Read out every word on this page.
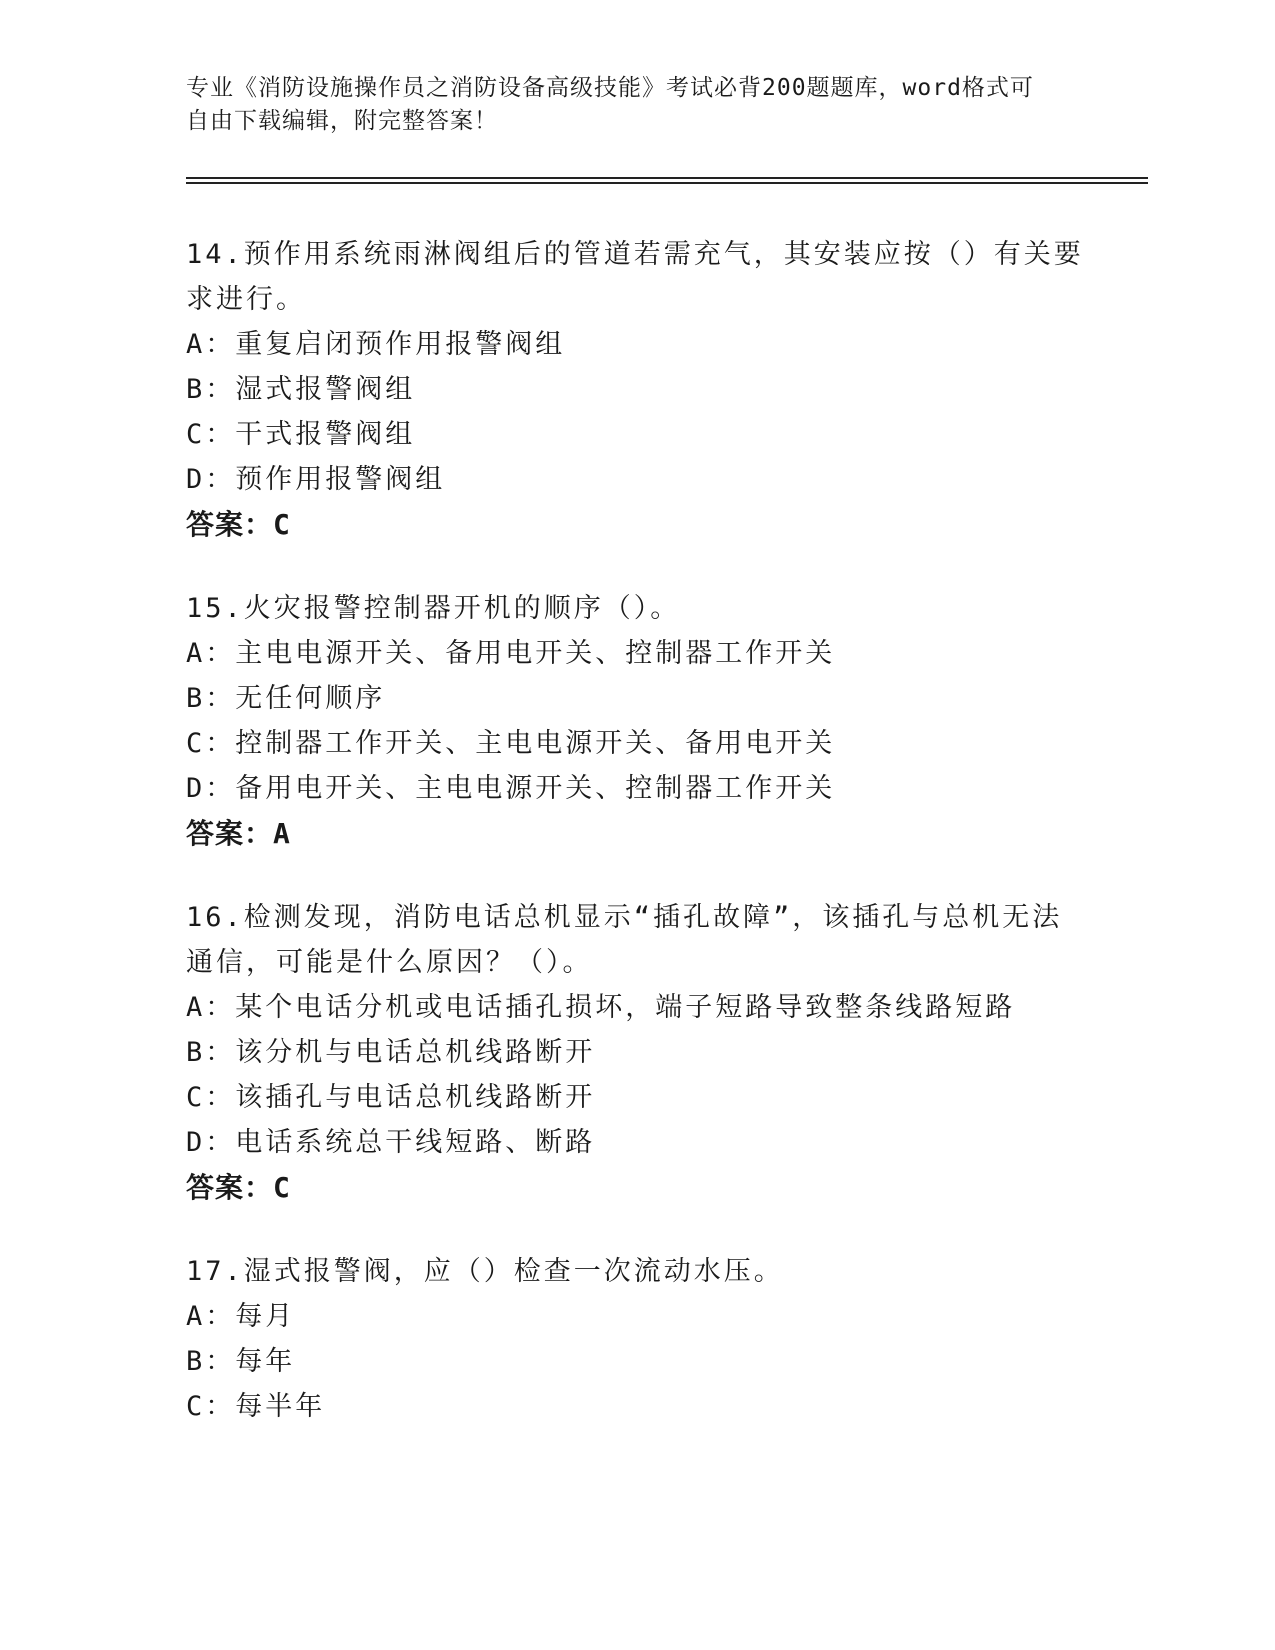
专业《消防设施操作员之消防设备高级技能》考试必背200题题库，word格式可
自由下载编辑，附完整答案！
14.预作用系统雨淋阀组后的管道若需充气，其安装应按（）有关要求进行。
A：重复启闭预作用报警阀组
B：湿式报警阀组
C：干式报警阀组
D：预作用报警阀组
答案：C
15.火灾报警控制器开机的顺序（）。
A：主电电源开关、备用电开关、控制器工作开关
B：无任何顺序
C：控制器工作开关、主电电源开关、备用电开关
D：备用电开关、主电电源开关、控制器工作开关
答案：A
16.检测发现，消防电话总机显示“插孔故障”，该插孔与总机无法通信，可能是什么原因？（）。
A：某个电话分机或电话插孔损坏，端子短路导致整条线路短路
B：该分机与电话总机线路断开
C：该插孔与电话总机线路断开
D：电话系统总干线短路、断路
答案：C
17.湿式报警阀，应（）检查一次流动水压。
A：每月
B：每年
C：每半年
